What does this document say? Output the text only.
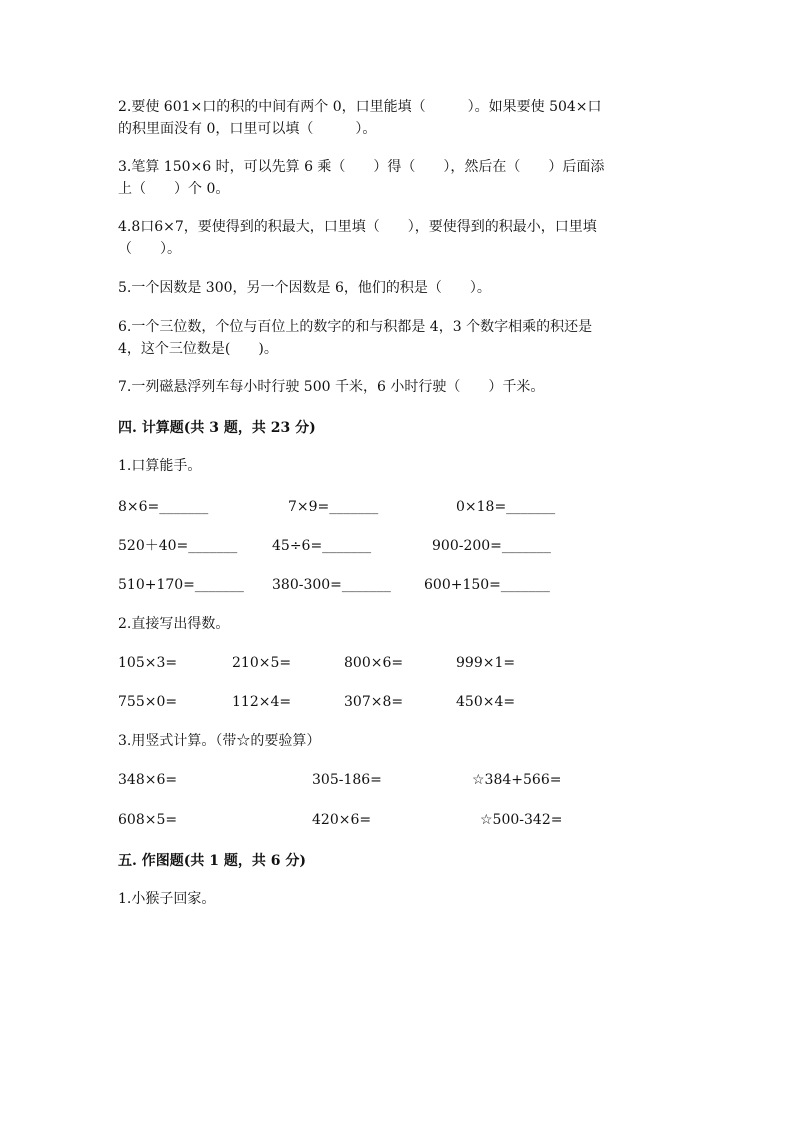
2.要使 601×口的积的中间有两个 0，口里能填（　　　）。如果要使 504×口
的积里面没有 0，口里可以填（　　　）。
3.笔算 150×6 时，可以先算 6 乘（　　）得（　　），然后在（　　）后面添
上（　　）个 0。
4.8口6×7，要使得到的积最大，口里填（　　），要使得到的积最小，口里填
（　　）。
5.一个因数是 300，另一个因数是 6，他们的积是（　　）。
6.一个三位数，个位与百位上的数字的和与积都是 4，3 个数字相乘的积还是
4，这个三位数是(　　)。
7.一列磁悬浮列车每小时行驶 500 千米，6 小时行驶（　　）千米。
四. 计算题(共 3 题，共 23 分)
1.口算能手。
8×6=_______	7×9=_______	0×18=_______
520＋40=_______ 45÷6=_______	900-200=_______
510+170=_______ 380-300=_______ 600+150=_______
2.直接写出得数。
105×3=	210×5=	800×6=	999×1=
755×0=	112×4=	307×8=	450×4=
3.用竖式计算。（带☆的要验算）
348×6=	305-186=	☆384+566=
608×5=	420×6=	☆500-342=
五. 作图题(共 1 题，共 6 分)
1.小猴子回家。
